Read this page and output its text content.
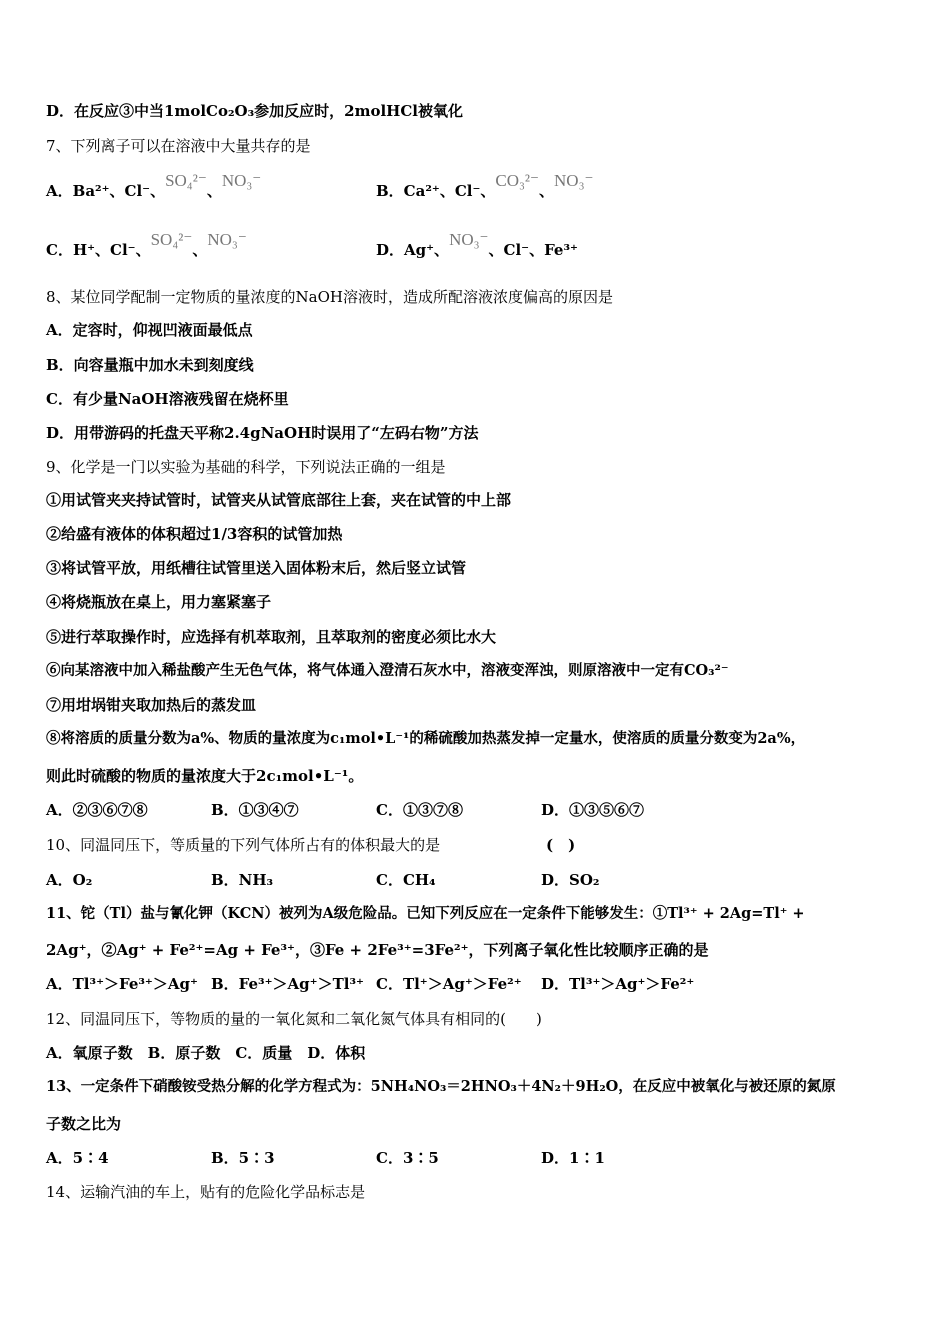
D．在反应③中当1molCo₂O₃参加反应时，2molHCl被氧化
7、下列离子可以在溶液中大量共存的是
A．Ba²⁺、Cl⁻、SO₄²⁻、NO₃⁻
B．Ca²⁺、Cl⁻、CO₃²⁻、NO₃⁻
C．H⁺、Cl⁻、SO₄²⁻、NO₃⁻
D．Ag⁺、NO₃⁻、Cl⁻、Fe³⁺
8、某位同学配制一定物质的量浓度的NaOH溶液时，造成所配溶液浓度偏高的原因是
A．定容时，仰视凹液面最低点
B．向容量瓶中加水未到刻度线
C．有少量NaOH溶液残留在烧杯里
D．用带游码的托盘天平称2.4gNaOH时误用了“左码右物”方法
9、化学是一门以实验为基础的科学，下列说法正确的一组是
①用试管夹夹持试管时，试管夹从试管底部往上套，夹在试管的中上部
②给盛有液体的体积超过1/3容积的试管加热
③将试管平放，用纸槽往试管里送入固体粉末后，然后竖立试管
④将烧瓶放在桌上，用力塞紧塞子
⑤进行萃取操作时，应选择有机萃取剂，且萃取剂的密度必须比水大
⑥向某溶液中加入稀盐酸产生无色气体，将气体通入澄清石灰水中，溶液变浑浊，则原溶液中一定有CO₃²⁻
⑦用坩埚钳夹取加热后的蒸发皿
⑧将溶质的质量分数为a%、物质的量浓度为c₁mol•L⁻¹的稀硫酸加热蒸发掉一定量水，使溶质的质量分数变为2a%，
则此时硫酸的物质的量浓度大于2c₁mol•L⁻¹。
A．②③⑥⑦⑧	B．①③④⑦	C．①③⑦⑧	D．①③⑤⑥⑦
10、同温同压下，等质量的下列气体所占有的体积最大的是	(　)
A．O₂	B．NH₃	C．CH₄	D．SO₂
11、铊（Tl）盐与氰化钾（KCN）被列为A级危险品。已知下列反应在一定条件下能够发生：①Tl³⁺ + 2Ag=Tl⁺ +
2Ag⁺，②Ag⁺ + Fe²⁺=Ag + Fe³⁺，③Fe + 2Fe³⁺=3Fe²⁺，下列离子氧化性比较顺序正确的是
A．Tl³⁺＞Fe³⁺＞Ag⁺ B．Fe³⁺＞Ag⁺＞Tl³⁺ C．Tl⁺＞Ag⁺＞Fe²⁺ D．Tl³⁺＞Ag⁺＞Fe²⁺
12、同温同压下，等物质的量的一氧化氮和二氧化氮气体具有相同的(　　)
A．氧原子数　B．原子数　C．质量　D．体积
13、一定条件下硝酸铵受热分解的化学方程式为：5NH₄NO₃＝2HNO₃＋4N₂＋9H₂O，在反应中被氧化与被还原的氮原
子数之比为
A．5∶4	B．5∶3	C．3∶5	D．1∶1
14、运输汽油的车上，贴有的危险化学品标志是
